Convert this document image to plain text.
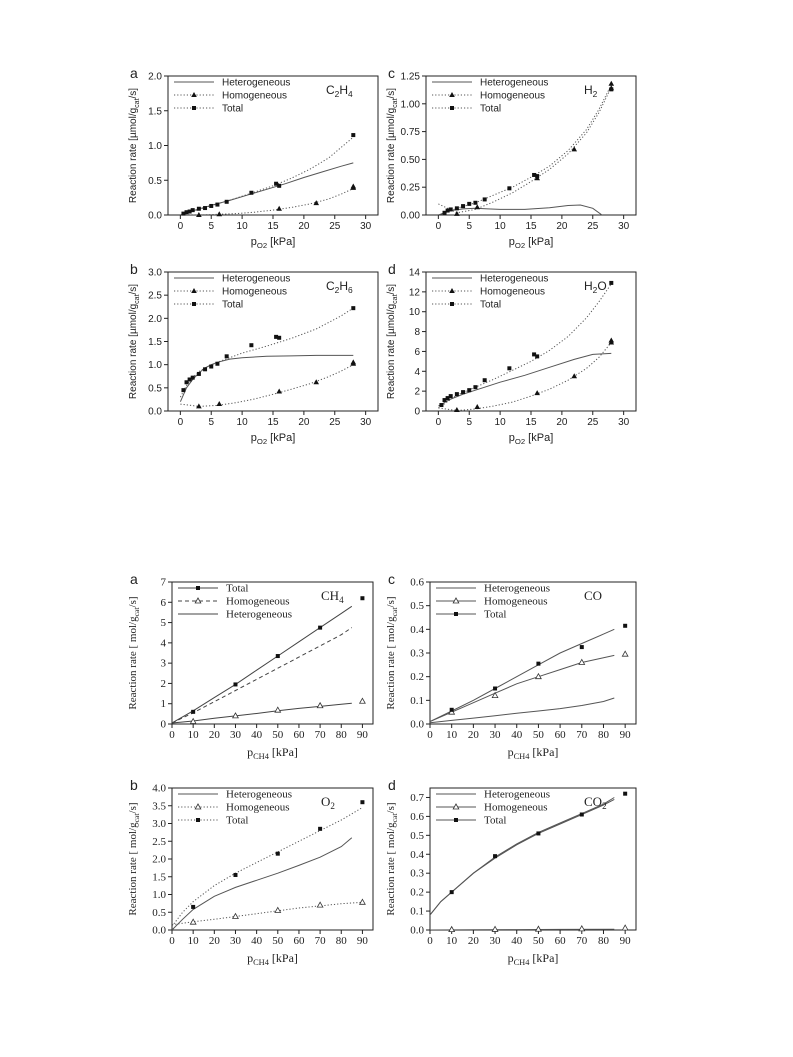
0	5 10 15 20 25 30
0.0
0.5
1.0
1.5
2.0
$p_{O2}$ [kPa]
Reaction rate $[\mu mol/g_{cat}/s]$
a
Heterogeneous
Homogeneous
Total
$C_2H_4$
0	5 10 15 20 25 30
0.00
0.25
0.50
0.75
1.00
1.25
$p_{O2}$ [kPa]
Reaction rate $[\mu mol/g_{cat}/s]$
c
Heterogeneous
Homogeneous
Total
$H_2$
0	5 10 15 20 25 30
0.0
0.5
1.0
1.5
2.0
2.5
3.0
$p_{O2}$ [kPa]
Reaction rate $[\mu mol/g_{cat}/s]$
b
Heterogeneous
Homogeneous
Total
$C_2H_6$
0	5 10 15 20 25 30
0
2
4
6
8
10
12
14
$p_{O2}$ [kPa]
Reaction rate $[\mu mol/g_{cat}/s]$
d
Heterogeneous
Homogeneous
Total
$H_2O$
0 10 20 30 40 50 60 70 80 90
0
1
2
3
4
5
6
7
$p_{CH4}$ [kPa]
Reaction rate [ mol/$g_{cat}/s$]
a
Total
Homogeneous
Heterogeneous
$CH_4$
0 10 20 30 40 50 60 70 80 90
0.0
0.1
0.2
0.3
0.4
0.5
0.6
$p_{CH4}$ [kPa]
Reaction rate [ mol/$g_{cat}/s$]
c
Heterogeneous
Homogeneous
Total
CO
0 10 20 30 40 50 60 70 80 90
0.0
0.5
1.0
1.5
2.0
2.5
3.0
3.5
4.0
$p_{CH4}$ [kPa]
Reaction rate [ mol/$g_{cat}/s$]
b
Heterogeneous
Homogeneous
Total
$O_2$
0 10 20 30 40 50 60 70 80 90
0.0
0.1
0.2
0.3
0.4
0.5
0.6
0.7
$p_{CH4}$ [kPa]
Reaction rate [ mol/$g_{cat}/s$]
d
Heterogeneous
Homogeneous
Total
$CO_2$
